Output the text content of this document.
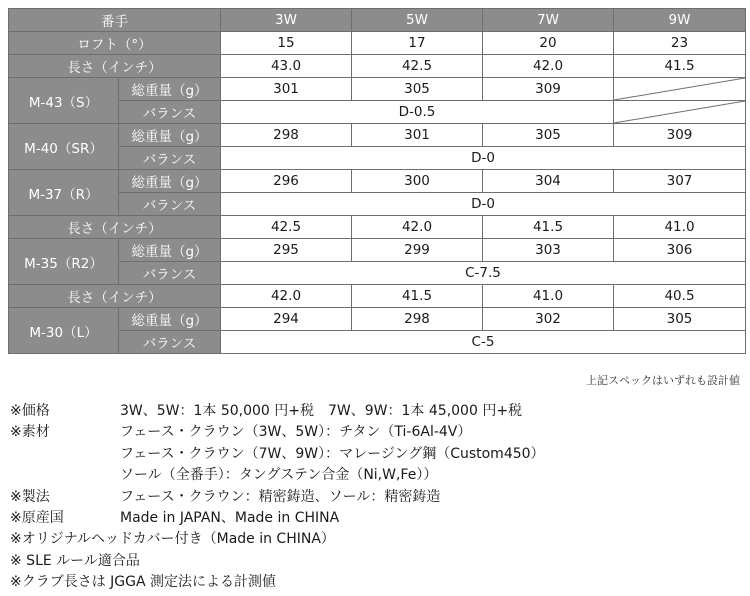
番手		3W	5W	7W	9W
ロフト（°）		15	17	20	23
長さ（インチ）		43.0	42.5	42.0	41.5
M-43（S）	総重量（g）	301	305	309	

	バランス	D-0.5	

M-40（SR）	総重量（g）	298	301	305	309
	バランス	D-0			
M-37（R）	総重量（g）	296	300	304	307
	バランス	D-0			
長さ（インチ）		42.5	42.0	41.5	41.0
M-35（R2）	総重量（g）	295	299	303	306
	バランス	C-7.5			
長さ（インチ）		42.0	41.5	41.0	40.5
M-30（L）	総重量（g）	294	298	302	305
	バランス	C-5			
上記スペックはいずれも設計値
※価格	3W、5W：1本 50,000 円+税　7W、9W：1本 45,000 円+税
※素材	フェース・クラウン（3W、5W）：チタン（Ti-6Al-4V）
フェース・クラウン（7W、9W）：マレージング鋼（Custom450）
ソール（全番手）：タングステン合金（Ni,W,Fe））
※製法	フェース・クラウン：精密鋳造、ソール：精密鋳造
※原産国	Made in JAPAN、Made in CHINA
※オリジナルヘッドカバー付き（Made in CHINA）
※ SLE ルール適合品
※クラブ長さは JGGA 測定法による計測値
